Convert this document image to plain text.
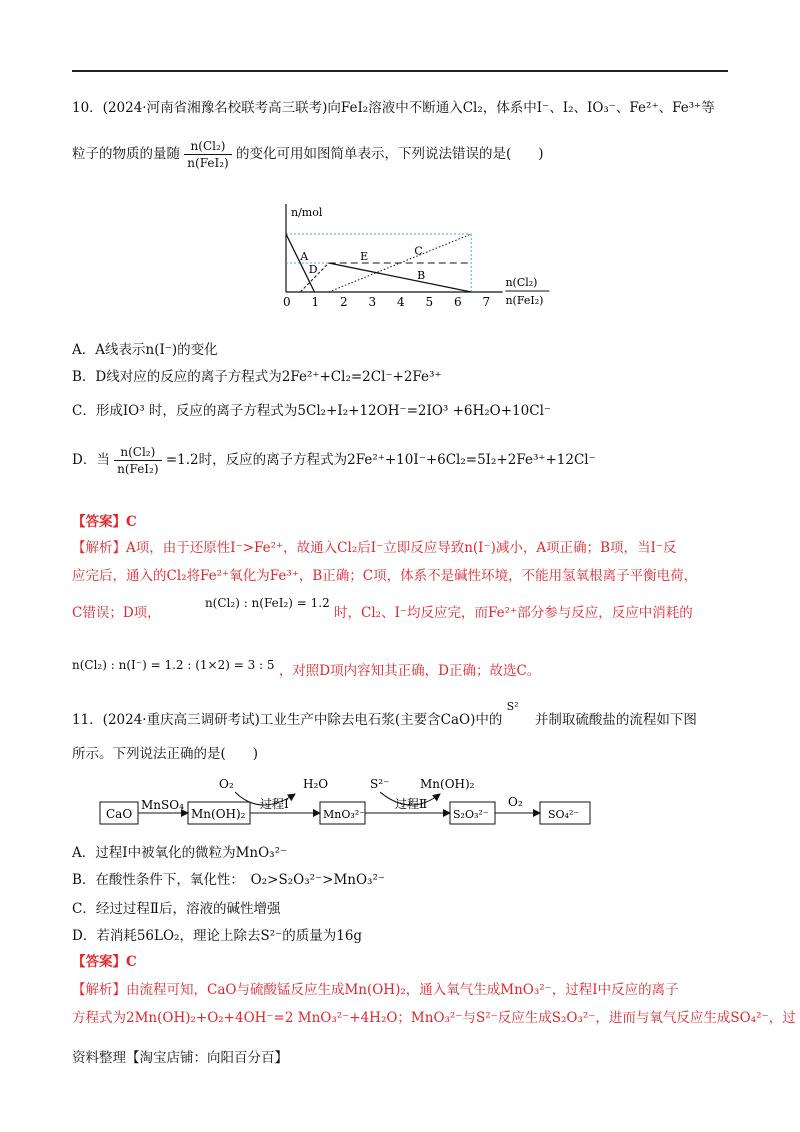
10．(2024·河南省湘豫名校联考高三联考)向FeI₂溶液中不断通入Cl₂，体系中I⁻、I₂、IO₃⁻、Fe²⁺、Fe³⁺等
粒子的物质的量随 $\frac{\text{n(Cl₂)}}{\text{n(FeI₂)}}$ 的变化可用如图简单表示，下列说法错误的是(　　)
n/mol
A
D
E
B
C
0 1 2 3 4 5 6 7
n(Cl₂)
n(FeI₂)
A．A线表示n(I⁻)的变化
B．D线对应的反应的离子方程式为2Fe²⁺+Cl₂=2Cl⁻+2Fe³⁺
C．形成IO³ 时，反应的离子方程式为5Cl₂+I₂+12OH⁻=2IO³ +6H₂O+10Cl⁻
D．当 $\frac{\text{n(Cl₂)}}{\text{n(FeI₂)}} =1.2$时，反应的离子方程式为2Fe²⁺+10I⁻+6Cl₂=5I₂+2Fe³⁺+12Cl⁻
【答案】C
【解析】A项，由于还原性I⁻>Fe²⁺，故通入Cl₂后I⁻立即反应导致n(I⁻)减小，A项正确；B项，当I⁻反
应完后，通入的Cl₂将Fe²⁺氧化为Fe³⁺，B正确；C项，体系不是碱性环境，不能用氢氧根离子平衡电荷，
C错误；D项， n(Cl₂) : n(FeI₂) = 1.2 时，Cl₂、I⁻均反应完，而Fe²⁺部分参与反应，反应中消耗的
n(Cl₂) : n(I⁻) = 1.2 : (1×2) = 3 : 5 ，对照D项内容知其正确，D正确；故选C。
11．(2024·重庆高三调研考试)工业生产中除去电石浆(主要含CaO)中的 $^{S^2}$ 并制取硫酸盐的流程如下图
所示。下列说法正确的是(　　)
CaO
MnSO₄
Mn(OH)₂
O₂	H₂O
过程Ⅰ
MnO₃²⁻
S²⁻	Mn(OH)₂
过程Ⅱ
S₂O₃²⁻
O₂
SO₄²⁻
A．过程Ⅰ中被氧化的微粒为MnO₃²⁻
B．在酸性条件下，氧化性：　O₂>S₂O₃²⁻>MnO₃²⁻
C．经过过程Ⅱ后，溶液的碱性增强
D．若消耗56LO₂，理论上除去S²⁻的质量为16g
【答案】C
【解析】由流程可知，CaO与硫酸锰反应生成Mn(OH)₂，通入氧气生成MnO₃²⁻，过程Ⅰ中反应的离子
方程式为2Mn(OH)₂+O₂+4OH⁻=2 MnO₃²⁻+4H₂O；MnO₃²⁻与S²⁻反应生成S₂O₃²⁻，进而与氧气反应生成SO₄²⁻，过
资料整理【淘宝店铺：向阳百分百】
